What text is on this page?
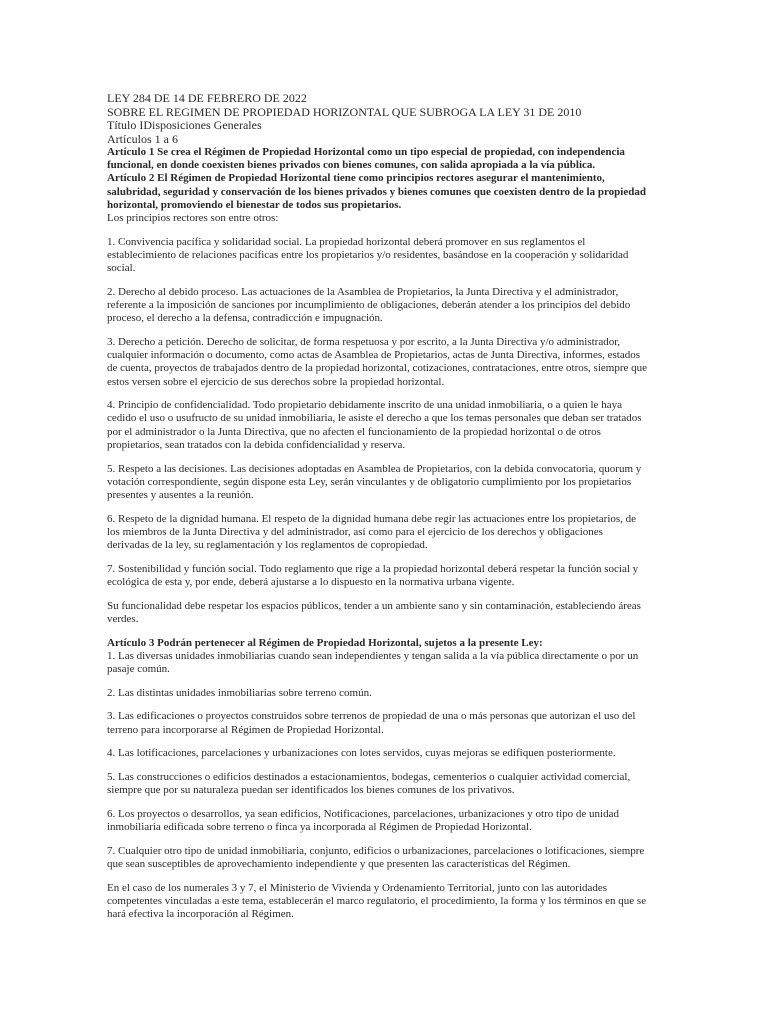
LEY 284 DE 14 DE FEBRERO DE 2022

SOBRE EL REGIMEN DE PROPIEDAD HORIZONTAL QUE SUBROGA LA LEY 31 DE 2010

Título IDisposiciones Generales

Artículos 1 a 6

Artículo 1 Se crea el Régimen de Propiedad Horizontal como un tipo especial de propiedad, con independencia

funcional, en donde coexisten bienes privados con bienes comunes, con salida apropiada a la vía pública.

Artículo 2 El Régimen de Propiedad Horizontal tiene como principios rectores asegurar el mantenimiento,

salubridad, seguridad y conservación de los bienes privados y bienes comunes que coexisten dentro de la propiedad

horizontal, promoviendo el bienestar de todos sus propietarios.

Los principios rectores son entre otros:

1. Convivencia pacífica y solidaridad social. La propiedad horizontal deberá promover en sus reglamentos el

establecimiento de relaciones pacíficas entre los propietarios y/o residentes, basándose en la cooperación y solidaridad

social.

2. Derecho al debido proceso. Las actuaciones de la Asamblea de Propietarios, la Junta Directiva y el administrador,

referente a la imposición de sanciones por incumplimiento de obligaciones, deberán atender a los principios del debido

proceso, el derecho a la defensa, contradicción e impugnación.

3. Derecho a petición. Derecho de solicitar, de forma respetuosa y por escrito, a la Junta Directiva y/o administrador,

cualquier información o documento, como actas de Asamblea de Propietarios, actas de Junta Directiva, informes, estados

de cuenta, proyectos de trabajados dentro de la propiedad horizontal, cotizaciones, contrataciones, entre otros, siempre que

estos versen sobre el ejercicio de sus derechos sobre la propiedad horizontal.

4. Principio de confidencialidad. Todo propietario debidamente inscrito de una unidad inmobiliaria, o a quien le haya

cedido el uso o usufructo de su unidad inmobiliaria, le asiste el derecho a que los temas personales que deban ser tratados

por el administrador o la Junta Directiva, que no afecten el funcionamiento de la propiedad horizontal o de otros

propietarios, sean tratados con la debida confidencialidad y reserva.

5. Respeto a las decisiones. Las decisiones adoptadas en Asamblea de Propietarios, con la debida convocatoria, quorum y

votación correspondiente, según dispone esta Ley, serán vinculantes y de obligatorio cumplimiento por los propietarios

presentes y ausentes a la reunión.

6. Respeto de la dignidad humana. El respeto de la dignidad humana debe regir las actuaciones entre los propietarios, de

los miembros de la Junta Directiva y del administrador, así como para el ejercicio de los derechos y obligaciones

derivadas de la ley, su reglamentación y los reglamentos de copropiedad.

7. Sostenibilidad y función social. Todo reglamento que rige a la propiedad horizontal deberá respetar la función social y

ecológica de esta y, por ende, deberá ajustarse a lo dispuesto en la normativa urbana vigente.

Su funcionalidad debe respetar los espacios públicos, tender a un ambiente sano y sin contaminación, estableciendo áreas

verdes.

Artículo 3 Podrán pertenecer al Régimen de Propiedad Horizontal, sujetos a la presente Ley:

1. Las diversas unidades inmobiliarias cuando sean independientes y tengan salida a la vía pública directamente o por un

pasaje común.

2. Las distintas unidades inmobiliarias sobre terreno común.

3. Las edificaciones o proyectos construidos sobre terrenos de propiedad de una o más personas que autorizan el uso del

terreno para incorporarse al Régimen de Propiedad Horizontal.

4. Las lotificaciones, parcelaciones y urbanizaciones con lotes servidos, cuyas mejoras se edifiquen posteriormente.

5. Las construcciones o edificios destinados a estacionamientos, bodegas, cementerios o cualquier actividad comercial,

siempre que por su naturaleza puedan ser identificados los bienes comunes de los privativos.

6. Los proyectos o desarrollos, ya sean edificios, Notificaciones, parcelaciones, urbanizaciones y otro tipo de unidad

inmobiliaria edificada sobre terreno o finca ya incorporada al Régimen de Propiedad Horizontal.

7. Cualquier otro tipo de unidad inmobiliaria, conjunto, edificios o urbanizaciones, parcelaciones o lotificaciones, siempre

que sean susceptibles de aprovechamiento independiente y que presenten las características del Régimen.

En el caso de los numerales 3 y 7, el Ministerio de Vivienda y Ordenamiento Territorial, junto con las autoridades

competentes vinculadas a este tema, establecerán el marco regulatorio, el procedimiento, la forma y los términos en que se

hará efectiva la incorporación al Régimen.
